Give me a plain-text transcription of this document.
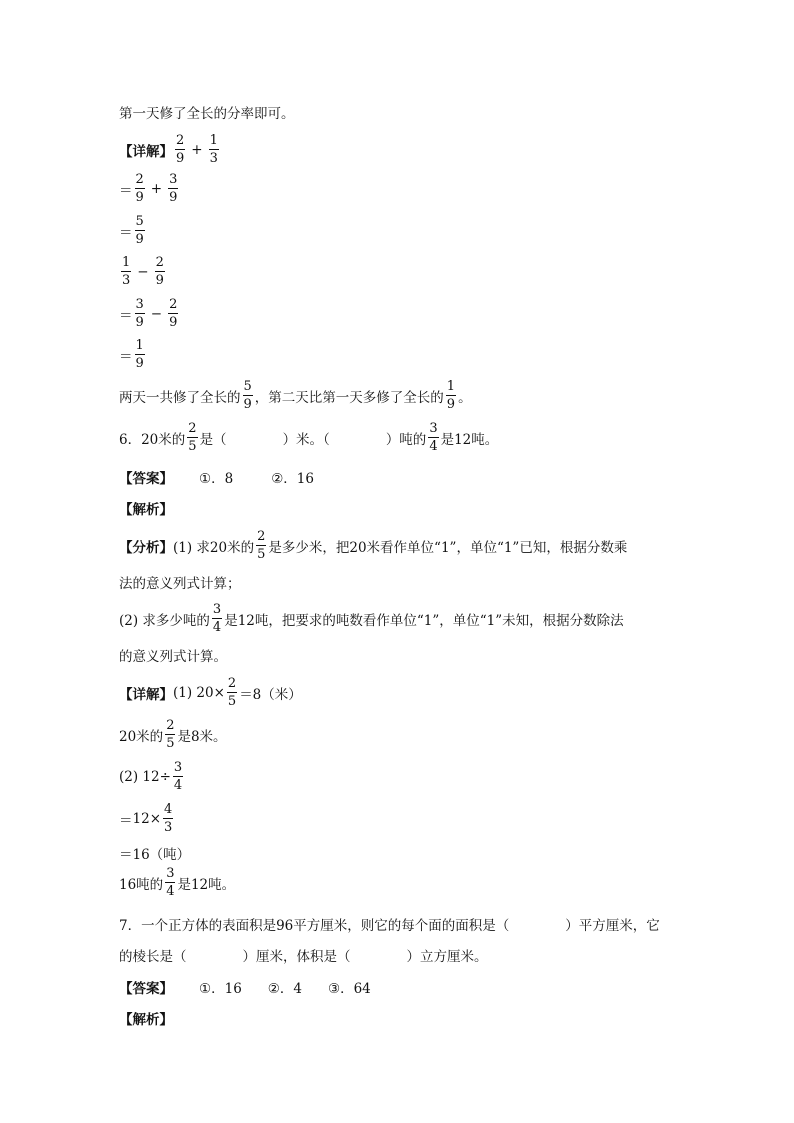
第一天修了全长的分率即可。
【详解】 $\frac{2}{9} + \frac{1}{3}$
＝ $\frac{2}{9} + \frac{3}{9}$
＝ $\frac{5}{9}$
$\frac{1}{3} - \frac{2}{9}$
＝ $\frac{3}{9} - \frac{2}{9}$
＝ $\frac{1}{9}$
两天一共修了全长的 $\frac{5}{9}$ ，第二天比第一天多修了全长的 $\frac{1}{9}$ 。
6．20米的 $\frac{2}{5}$ 是（	）米。（	）吨的 $\frac{3}{4}$ 是12吨。
【答案】 ①．8	②．16
【解析】
【分析】 (1) 求20米的 $\frac{2}{5}$ 是多少米，把20米看作单位“1”，单位“1”已知，根据分数乘
法的意义列式计算；
(2) 求多少吨的 $\frac{3}{4}$ 是12吨，把要求的吨数看作单位“1”，单位“1”未知，根据分数除法
的意义列式计算。
【详解】 (1) $20 \times \frac{2}{5} =8$（米）
20米的 $\frac{2}{5}$ 是8米。
(2) $12 \div \frac{3}{4}$
＝ $12 \times \frac{4}{3}$
＝16（吨）
16吨的 $\frac{3}{4}$ 是12吨。
7．一个正方体的表面积是96平方厘米，则它的每个面的面积是（	）平方厘米，它
的棱长是（	）厘米，体积是（	）立方厘米。
【答案】 ①．16 ②．4 ③．64
【解析】
